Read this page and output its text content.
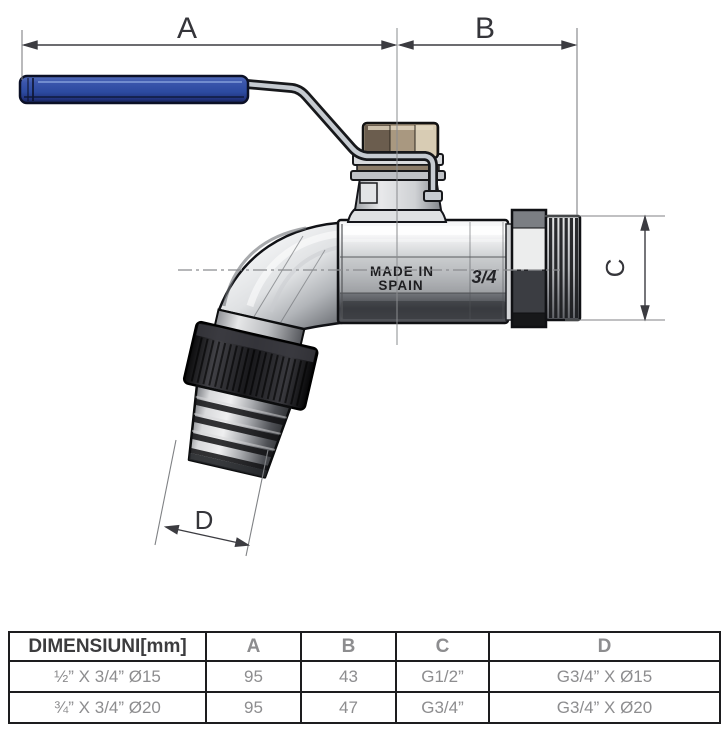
MADE IN
SPAIN	3/4
A	B
C
D
DIMENSIUNI[mm]	A	B	C	D
½” X 3/4” Ø15	95	43	G1/2”	G3/4” X Ø15
¾” X 3/4” Ø20	95	47	G3/4”	G3/4” X Ø20
